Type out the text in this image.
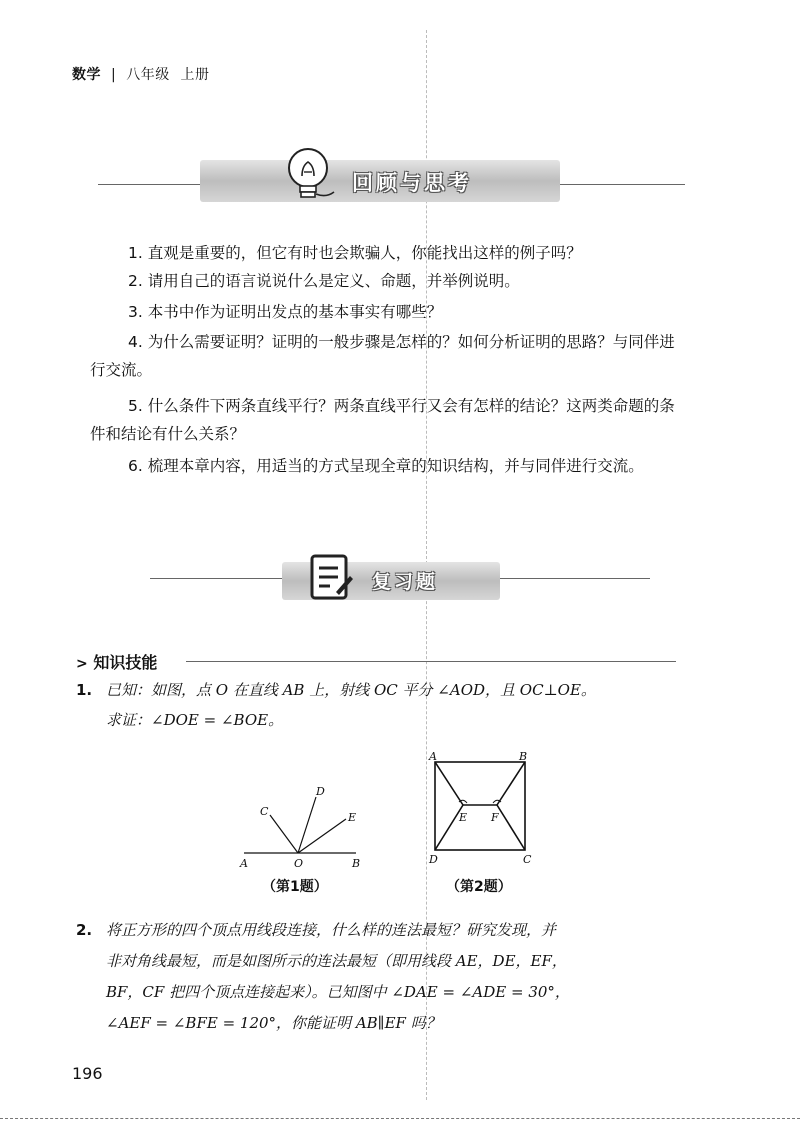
数学 | 八年级 上册
回顾与思考
1. 直观是重要的，但它有时也会欺骗人，你能找出这样的例子吗？
2. 请用自己的语言说说什么是定义、命题，并举例说明。
3. 本书中作为证明出发点的基本事实有哪些？
4. 为什么需要证明？证明的一般步骤是怎样的？如何分析证明的思路？与同伴进行交流。
5. 什么条件下两条直线平行？两条直线平行又会有怎样的结论？这两类命题的条件和结论有什么关系？
6. 梳理本章内容，用适当的方式呈现全章的知识结构，并与同伴进行交流。
复习题
> 知识技能
1. 已知：如图，点 O 在直线 AB 上，射线 OC 平分 ∠AOD，且 OC⊥OE。
求证：∠DOE = ∠BOE。
A	O	B
C
D
E
（第1题）
A	B
C
D
E F
（第2题）
2. 将正方形的四个顶点用线段连接，什么样的连法最短？研究发现，并
非对角线最短，而是如图所示的连法最短（即用线段 AE，DE，EF，
BF，CF 把四个顶点连接起来）。已知图中 ∠DAE = ∠ADE = 30°，
∠AEF = ∠BFE = 120°，你能证明 AB∥EF 吗？
196
